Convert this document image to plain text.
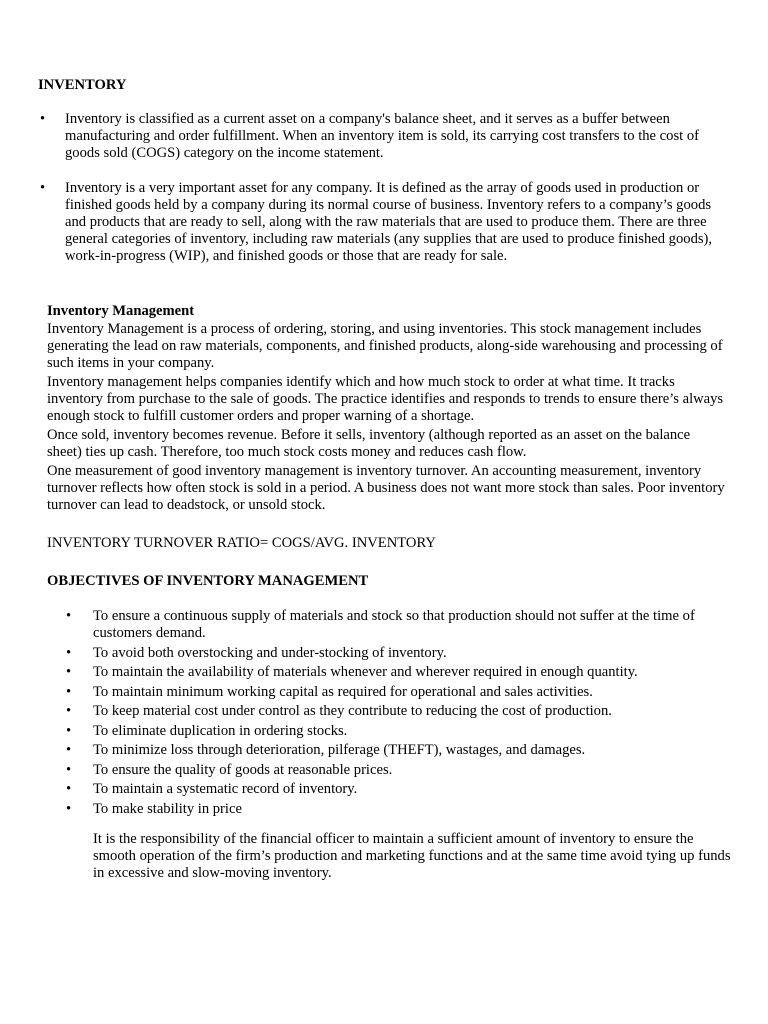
INVENTORY

• Inventory is classified as a current asset on a company's balance sheet, and it serves as a buffer between manufacturing and order fulfillment. When an inventory item is sold, its carrying cost transfers to the cost of goods sold (COGS) category on the income statement.
• Inventory is a very important asset for any company. It is defined as the array of goods used in production or finished goods held by a company during its normal course of business. Inventory refers to a company’s goods and products that are ready to sell, along with the raw materials that are used to produce them. There are three general categories of inventory, including raw materials (any supplies that are used to produce finished goods), work-in-progress (WIP), and finished goods or those that are ready for sale.

Inventory Management

Inventory Management is a process of ordering, storing, and using inventories. This stock management includes generating the lead on raw materials, components, and finished products, along-side warehousing and processing of such items in your company.

Inventory management helps companies identify which and how much stock to order at what time. It tracks inventory from purchase to the sale of goods. The practice identifies and responds to trends to ensure there’s always enough stock to fulfill customer orders and proper warning of a shortage.

Once sold, inventory becomes revenue. Before it sells, inventory (although reported as an asset on the balance sheet) ties up cash. Therefore, too much stock costs money and reduces cash flow.

One measurement of good inventory management is inventory turnover. An accounting measurement, inventory turnover reflects how often stock is sold in a period. A business does not want more stock than sales. Poor inventory turnover can lead to deadstock, or unsold stock.

INVENTORY TURNOVER RATIO= COGS/AVG. INVENTORY

OBJECTIVES OF INVENTORY MANAGEMENT

• To ensure a continuous supply of materials and stock so that production should not suffer at the time of customers demand.
• To avoid both overstocking and under-stocking of inventory.
• To maintain the availability of materials whenever and wherever required in enough quantity.
• To maintain minimum working capital as required for operational and sales activities.
• To keep material cost under control as they contribute to reducing the cost of production.
• To eliminate duplication in ordering stocks.
• To minimize loss through deterioration, pilferage (THEFT), wastages, and damages.
• To ensure the quality of goods at reasonable prices.
• To maintain a systematic record of inventory.
• To make stability in price

It is the responsibility of the financial officer to maintain a sufficient amount of inventory to ensure the smooth operation of the firm’s production and marketing functions and at the same time avoid tying up funds in excessive and slow-moving inventory.
